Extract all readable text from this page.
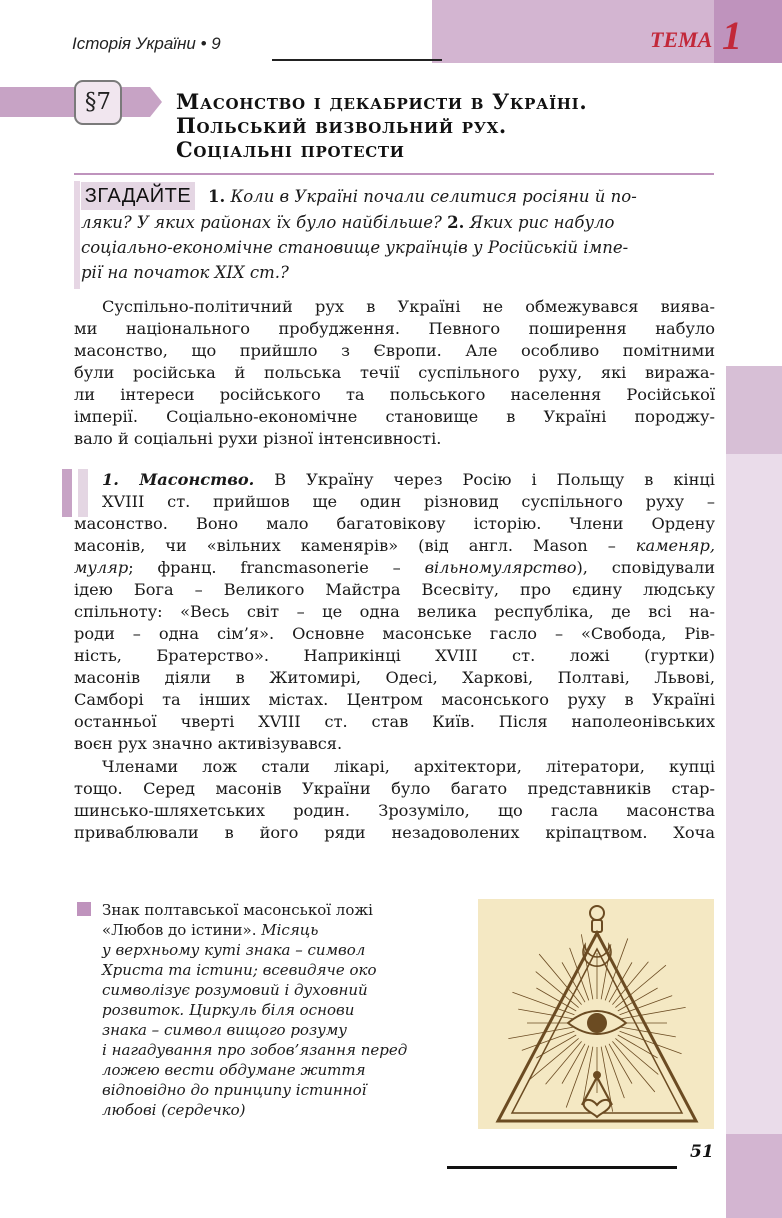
Історія України • 9	ТЕМА 1
§7	Масонство і декабристи в Україні.
Польський визвольний рух.
Соціальні протести
ЗГАДАЙТЕ 1. Коли в Україні почали селитися росіяни й по-
ляки? У яких районах їх було найбільше? 2. Яких рис набуло
соціально-економічне становище українців у Російській імпе-
рії на початок XIX ст.?
Суспільно-політичний рух в Україні не обмежувався виява-
ми національного пробудження. Певного поширення набуло
масонство, що прийшло з Європи. Але особливо помітними
були російська й польська течії суспільного руху, які виража-
ли інтереси російського та польського населення Російської
імперії. Соціально-економічне становище в Україні породжу-
вало й соціальні рухи різної інтенсивності.
1. Масонство. В Україну через Росію і Польщу в кінці
XVIII ст. прийшов ще один різновид суспільного руху –
масонство. Воно мало багатовікову історію. Члени Ордену
масонів, чи «вільних каменярів» (від англ. Mason – каменяр,
муляр; франц. francmasonerie – вільномулярство), сповідували
ідею Бога – Великого Майстра Всесвіту, про єдину людську
спільноту: «Весь світ – це одна велика республіка, де всі на-
роди – одна сім’я». Основне масонське гасло – «Свобода, Рів-
ність, Братерство». Наприкінці XVIII ст. ложі (гуртки)
масонів діяли в Житомирі, Одесі, Харкові, Полтаві, Львові,
Самборі та інших містах. Центром масонського руху в Україні
останньої чверті XVIII ст. став Київ. Після наполеонівських
воєн рух значно активізувався.
Членами лож стали лікарі, архітектори, літератори, купці
тощо. Серед масонів України було багато представників стар-
шинсько-шляхетських родин. Зрозуміло, що гасла масонства
приваблювали в його ряди незадоволених кріпацтвом. Хоча
Знак полтавської масонської ложі
«Любов до істини». Місяць
у верхньому куті знака – символ
Христа та істини; всевидяче око
символізує розумовий і духовний
розвиток. Циркуль біля основи
знака – символ вищого розуму
і нагадування про зобов’язання перед
ложею вести обдумане життя
відповідно до принципу істинної
любові (сердечко)
51
